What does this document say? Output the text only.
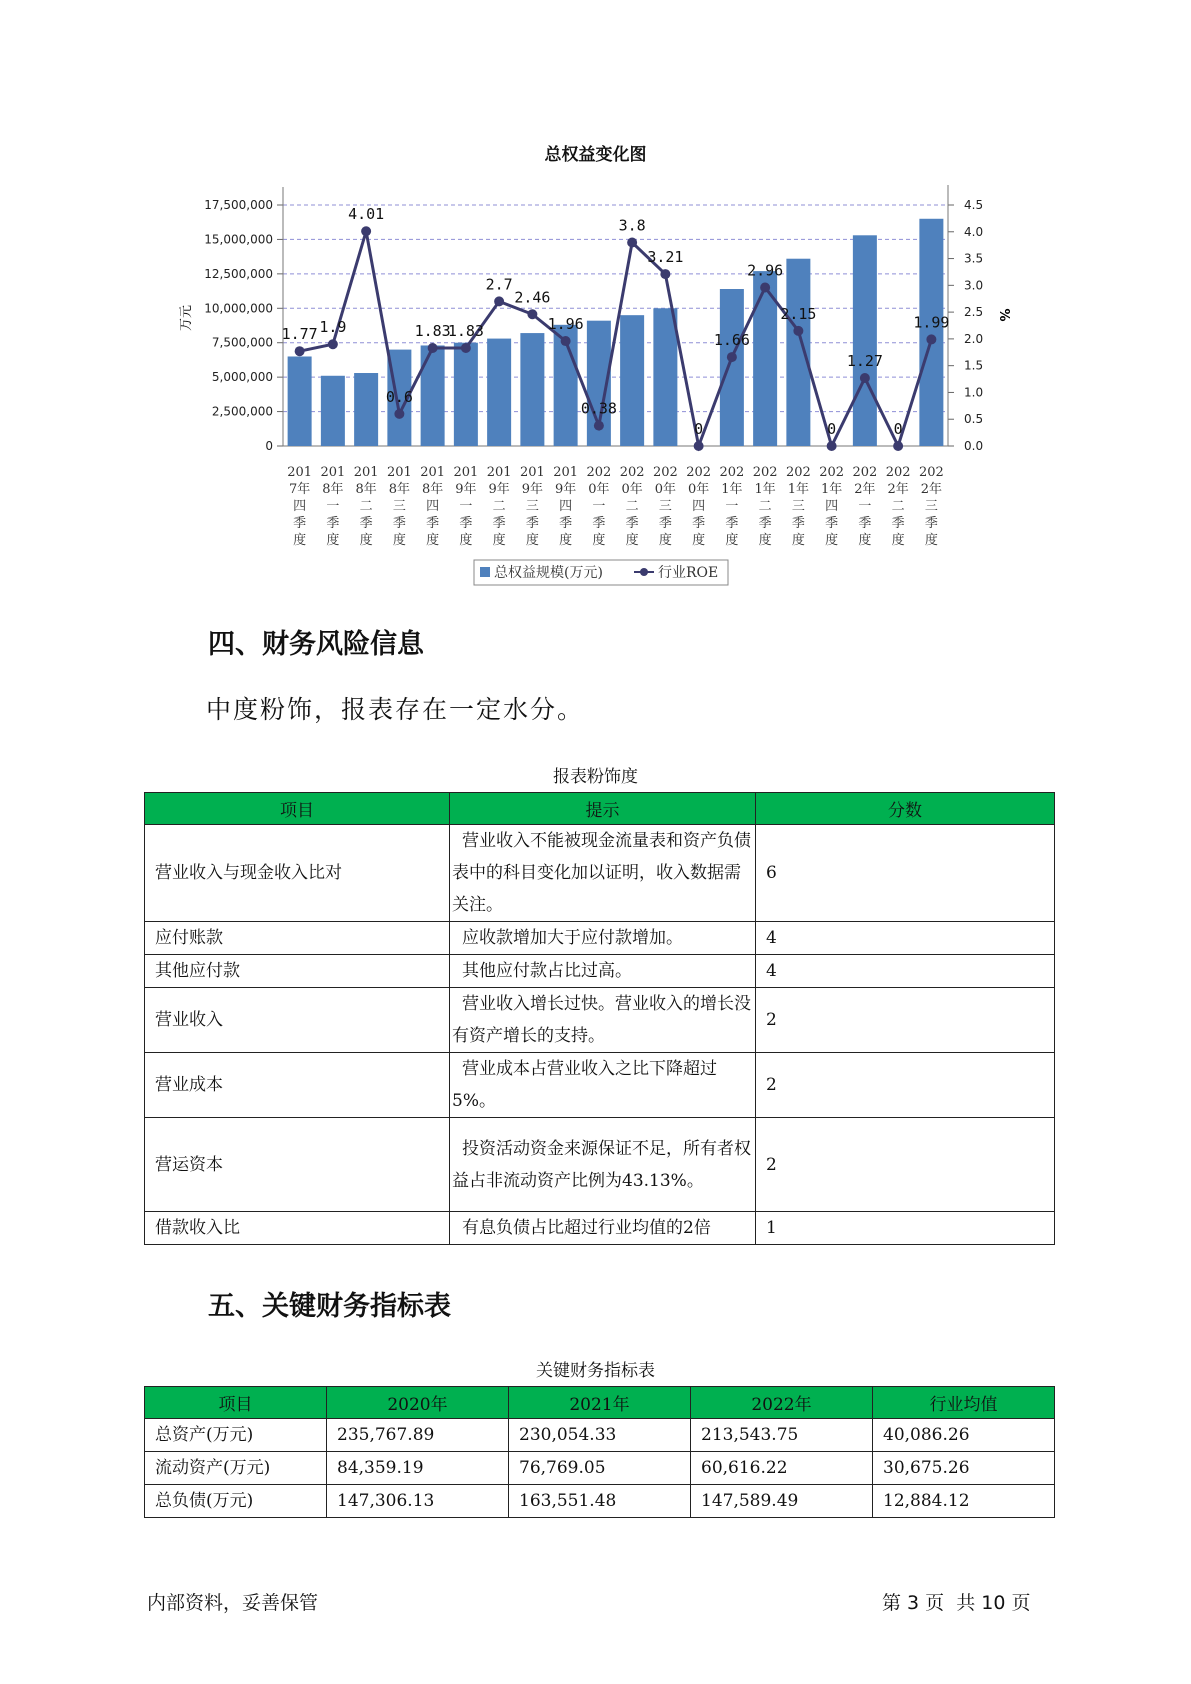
总权益变化图
0
2,500,000
5,000,000
7,500,000
10,000,000
12,500,000
15,000,000
17,500,000
0.0
0.5
1.0
1.5
2.0
2.5
3.0
3.5
4.0
4.5
万元	%
1.77 1.9
4.01
0.6
1.83
1.83
2.7
2.46
1.96
0.38
3.8
3.21
0
1.66
2.96
2.15
0
1.27
0
1.99
201
7年
四
季
度
201
8年
一
季
度
201
8年
二
季
度
201
8年
三
季
度
201
8年
四
季
度
201
9年
一
季
度
201
9年
二
季
度
201
9年
三
季
度
201
9年
四
季
度
202
0年
一
季
度
202
0年
二
季
度
202
0年
三
季
度
202
0年
四
季
度
202
1年
一
季
度
202
1年
二
季
度
202
1年
三
季
度
202
1年
四
季
度
202
2年
一
季
度
202
2年
二
季
度
202
2年
三
季
度
总权益规模(万元)	行业ROE
四、财务风险信息
中度粉饰，报表存在一定水分。
报表粉饰度
项目	提示	分数
营业收入与现金收入比对	营业收入不能被现金流量表和资产负债表中的科目变化加以证明，收入数据需关注。	6
应付账款	应收款增加大于应付款增加。	4
其他应付款	其他应付款占比过高。	4
营业收入	营业收入增长过快。营业收入的增长没有资产增长的支持。	2
营业成本	营业成本占营业收入之比下降超过5%。	2
营运资本	投资活动资金来源保证不足，所有者权益占非流动资产比例为43.13%。	2
借款收入比	有息负债占比超过行业均值的2倍	1
五、关键财务指标表
关键财务指标表
项目	2020年	2021年	2022年	行业均值
总资产(万元)	235,767.89	230,054.33	213,543.75	40,086.26
流动资产(万元)	84,359.19	76,769.05	60,616.22	30,675.26
总负债(万元)	147,306.13	163,551.48	147,589.49	12,884.12
内部资料，妥善保管	第 3 页  共 10 页
